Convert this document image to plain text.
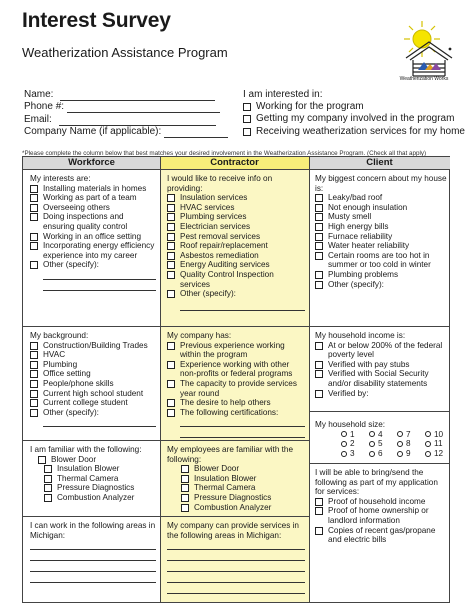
Interest Survey
Weatherization Assistance Program
Weatherization Works
Name:
Phone #:
Email:
Company Name (if applicable):
I am interested in:
Working for the program
Getting my company involved in the program
Receiving weatherization services for my home
*Please complete the column below that best matches your desired involvement in the Weatherization Assistance Program. (Check all that apply)
Workforce	Contractor	Client
My interests are:
Installing materials in homes
Working as part of a team
Overseeing others
Doing inspections and ensuring quality control
Working in an office setting
Incorporating energy efficiency experience into my career
Other (specify):
My background:
Construction/Building Trades
HVAC
Plumbing
Office setting
People/phone skills
Current high school student
Current college student
Other (specify):
I am familiar with the following:
Blower Door
Insulation Blower
Thermal Camera
Pressure Diagnostics
Combustion Analyzer
I can work in the following areas in Michigan:
I would like to receive info on providing:
Insulation services
HVAC services
Plumbing services
Electrician services
Pest removal services
Roof repair/replacement
Asbestos remediation
Energy Auditing services
Quality Control Inspection services
Other (specify):
My company has:
Previous experience working within the program
Experience working with other non-profits or federal programs
The capacity to provide services year round
The desire to help others
The following certifications:
My employees are familiar with the following:
Blower Door
Insulation Blower
Thermal Camera
Pressure Diagnostics
Combustion Analyzer
My company can provide services in the following areas in Michigan:
My biggest concern about my house is:
Leaky/bad roof
Not enough insulation
Musty smell
High energy bills
Furnace reliability
Water heater reliability
Certain rooms are too hot in summer or too cold in winter
Plumbing problems
Other (specify):
My household income is:
At or below 200% of the federal poverty level
Verified with pay stubs
Verified with Social Security and/or disability statements
Verified by:
My household size:
1	4	7	10
2	5	8	11
3	6	9	12
I will be able to bring/send the following as part of my application for services:
Proof of household income
Proof of home ownership or landlord information
Copies of recent gas/propane and electric bills
